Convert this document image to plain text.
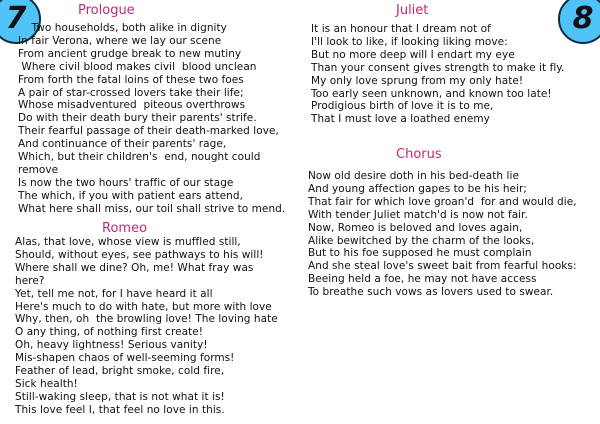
7	8
Prologue
Two households, both alike in dignity
In fair Verona, where we lay our scene
From ancient grudge break to new mutiny
Where civil blood makes civil  blood unclean
From forth the fatal loins of these two foes
A pair of star-crossed lovers take their life;
Whose misadventured  piteous overthrows
Do with their death bury their parents' strife.
Their fearful passage of their death-marked love,
And continuance of their parents' rage,
Which, but their children's  end, nought could
remove
Is now the two hours' traffic of our stage
The which, if you with patient ears attend,
What here shall miss, our toil shall strive to mend.
Romeo
Alas, that love, whose view is muffled still,
Should, without eyes, see pathways to his will!
Where shall we dine? Oh, me! What fray was
here?
Yet, tell me not, for I have heard it all
Here's much to do with hate, but more with love
Why, then, oh  the browling love! The loving hate
O any thing, of nothing first create!
Oh, heavy lightness! Serious vanity!
Mis-shapen chaos of well-seeming forms!
Feather of lead, bright smoke, cold fire,
Sick health!
Still-waking sleep, that is not what it is!
This love feel I, that feel no love in this.
Juliet
It is an honour that I dream not of
I'll look to like, if looking liking move:
But no more deep will I endart my eye
Than your consent gives strength to make it fly.
My only love sprung from my only hate!
Too early seen unknown, and known too late!
Prodigious birth of love it is to me,
That I must love a loathed enemy
Chorus
Now old desire doth in his bed-death lie
And young affection gapes to be his heir;
That fair for which love groan'd  for and would die,
With tender Juliet match'd is now not fair.
Now, Romeo is beloved and loves again,
Alike bewitched by the charm of the looks,
But to his foe supposed he must complain
And she steal love's sweet bait from fearful hooks:
Beeing held a foe, he may not have access
To breathe such vows as lovers used to swear.
